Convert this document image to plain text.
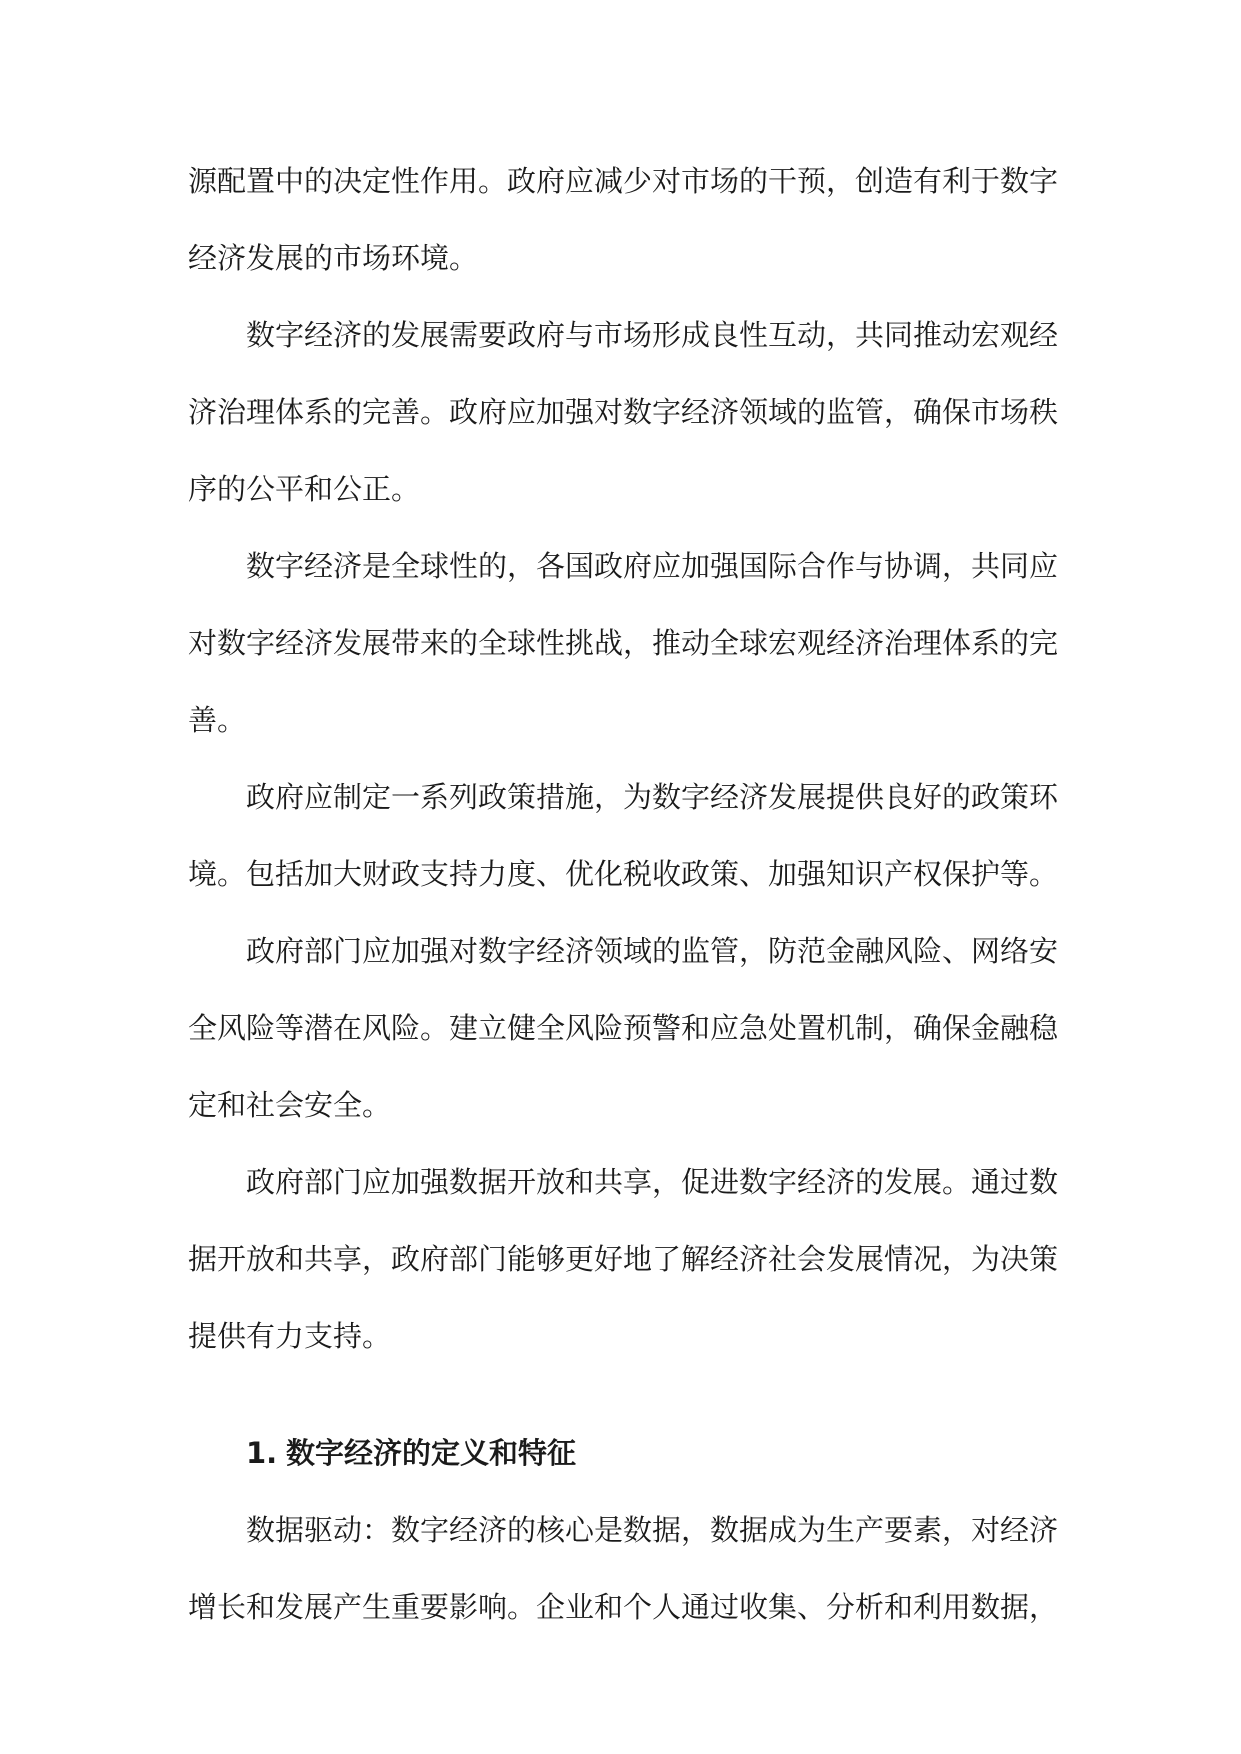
源配置中的决定性作用。政府应减少对市场的干预，创造有利于数字经济发展的市场环境。

数字经济的发展需要政府与市场形成良性互动，共同推动宏观经济治理体系的完善。政府应加强对数字经济领域的监管，确保市场秩序的公平和公正。

数字经济是全球性的，各国政府应加强国际合作与协调，共同应对数字经济发展带来的全球性挑战，推动全球宏观经济治理体系的完善。

政府应制定一系列政策措施，为数字经济发展提供良好的政策环境。包括加大财政支持力度、优化税收政策、加强知识产权保护等。

政府部门应加强对数字经济领域的监管，防范金融风险、网络安全风险等潜在风险。建立健全风险预警和应急处置机制，确保金融稳定和社会安全。

政府部门应加强数据开放和共享，促进数字经济的发展。通过数据开放和共享，政府部门能够更好地了解经济社会发展情况，为决策提供有力支持。

1. 数字经济的定义和特征

数据驱动：数字经济的核心是数据，数据成为生产要素，对经济增长和发展产生重要影响。企业和个人通过收集、分析和利用数据，
